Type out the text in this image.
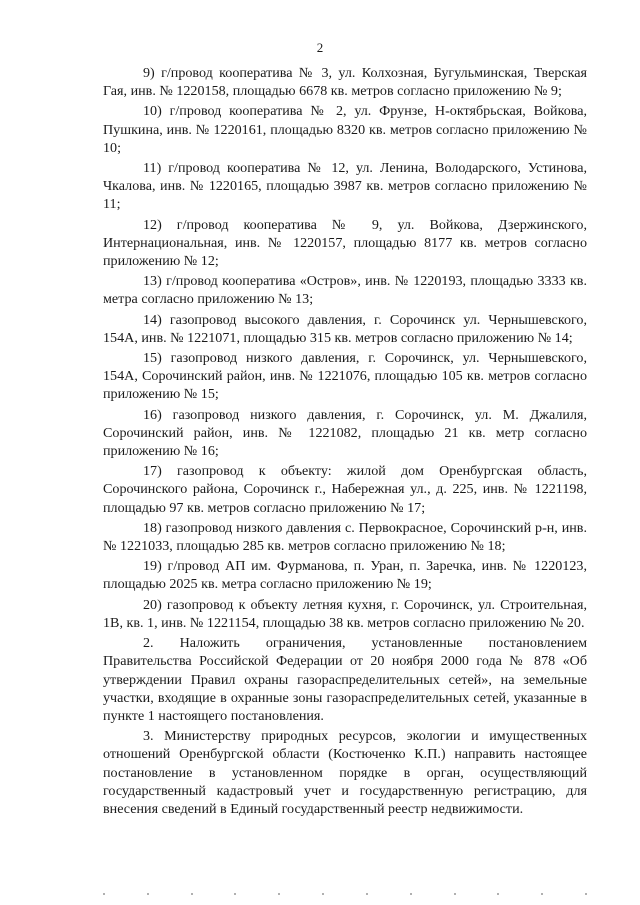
2

9) г/провод кооператива № 3, ул. Колхозная, Бугульминская, Тверская Гая, инв. № 1220158, площадью 6678 кв. метров согласно приложению № 9;

10) г/провод кооператива № 2, ул. Фрунзе, Н-октябрьская, Войкова, Пушкина, инв. № 1220161, площадью 8320 кв. метров согласно приложению № 10;

11) г/провод кооператива № 12, ул. Ленина, Володарского, Устинова, Чкалова, инв. № 1220165, площадью 3987 кв. метров согласно приложению № 11;

12) г/провод кооператива № 9, ул. Войкова, Дзержинского, Интернациональная, инв. № 1220157, площадью 8177 кв. метров согласно приложению № 12;

13) г/провод кооператива «Остров», инв. № 1220193, площадью 3333 кв. метра согласно приложению № 13;

14) газопровод высокого давления, г. Сорочинск ул. Чернышевского, 154А, инв. № 1221071, площадью 315 кв. метров согласно приложению № 14;

15) газопровод низкого давления, г. Сорочинск, ул. Чернышевского, 154А, Сорочинский район, инв. № 1221076, площадью 105 кв. метров согласно приложению № 15;

16) газопровод низкого давления, г. Сорочинск, ул. М. Джалиля, Сорочинский район, инв. № 1221082, площадью 21 кв. метр согласно приложению № 16;

17) газопровод к объекту: жилой дом Оренбургская область, Сорочинского района, Сорочинск г., Набережная ул., д. 225, инв. № 1221198, площадью 97 кв. метров согласно приложению № 17;

18) газопровод низкого давления с. Первокрасное, Сорочинский р-н, инв. № 1221033, площадью 285 кв. метров согласно приложению № 18;

19) г/провод АП им. Фурманова, п. Уран, п. Заречка, инв. № 1220123, площадью 2025 кв. метра согласно приложению № 19;

20) газопровод к объекту летняя кухня, г. Сорочинск, ул. Строительная, 1В, кв. 1, инв. № 1221154, площадью 38 кв. метров согласно приложению № 20.

2. Наложить ограничения, установленные постановлением Правительства Российской Федерации от 20 ноября 2000 года № 878 «Об утверждении Правил охраны газораспределительных сетей», на земельные участки, входящие в охранные зоны газораспределительных сетей, указанные в пункте 1 настоящего постановления.

3. Министерству природных ресурсов, экологии и имущественных отношений Оренбургской области (Костюченко К.П.) направить настоящее постановление в установленном порядке в орган, осуществляющий государственный кадастровый учет и государственную регистрацию, для внесения сведений в Единый государственный реестр недвижимости.
